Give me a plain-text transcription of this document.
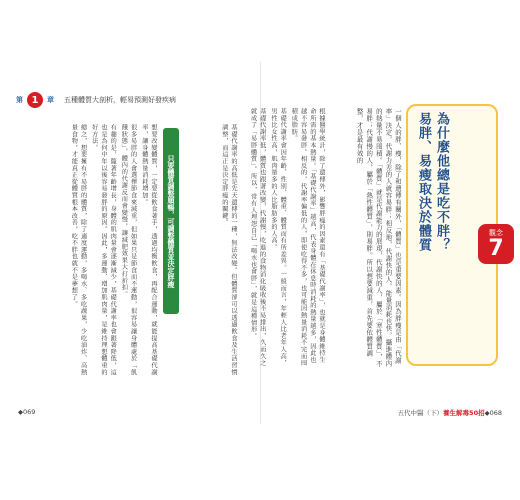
第 1	章 五種體質大剖析，輕易預測好發疾病
為什麼他總是吃不胖？
易胖、易瘦取決於體質	觀念
7

一個人的胖、瘦，除了和遺傳有關外，「體質」也是重要因素。因為胖瘦是由「代謝率」決定，代謝力差的人就容易胖；相反地，代謝快的人，能量消耗也快，攝進體內的熱量不易囤積。「體質」就是代謝能力的展現，代謝快的人，屬於「寒性體質」，不易胖；代謝慢的人，屬於「熱性體質」，則易胖。所以想要減重，首先要依體質調整，才是最有效的

根據醫學統計，除了遺傳外，影響胖瘦的因素還有「基礎代謝率」，也就是身體維持生命所需的基本熱量。「基礎代謝率」越高，代表身體在休息時消耗的熱量越多，因此也越不容易發胖。相反的，代謝率偏低的人，即使吃得不多，也可能因熱量消耗不完而囤積成脂肪。

基礎代謝率會因年齡、性別、體重、體質而有所差異。一般而言，年輕人比老年人高，男性比女性高，肌肉量多的人比脂肪多的人高。

基礎代謝率低，體質也跟著改變，代謝慢，吃進的食物消化吸收後不易排出，久而久之就成了「易胖體質」。所以，常有人埋怨自己「喝水也會胖」，就是這種情形。

只要體質調整順暢，可調整體質並決定胖瘦	基礎代謝率的高低是先天遺傳的一種，無法改變。但體質卻可以透過飲食及生活習慣調整，而這正是決定胖瘦的關鍵。

想要改變體質，一定要從飲食著手，透過均衡飲食，再配合運動，就能提高基礎代謝率，讓身體熱量消耗增加。

很多易胖的人會選擇節食來減重，但如果只是節食而不運動，很容易讓身體處於「飢餓狀態」，體內的代謝反而會變慢，讓減肥效果大打折扣。

有趣的是，隨著年齡增長，身體的肌肉量會逐漸減少，基礎代謝率也會跟著降低，這也是為何中年以後容易發胖的原因。因此，多運動、增加肌肉量，是維持理想體重的好方法。

總之，想要擁有不易胖的體質，除了適度運動，多喝水、多吃蔬果，少吃油炸、高熱量食物，才能真正從體質根本改善，吃不胖也就不是夢想了。

◆069	五代中醫（下）養生解毒50招◆068
